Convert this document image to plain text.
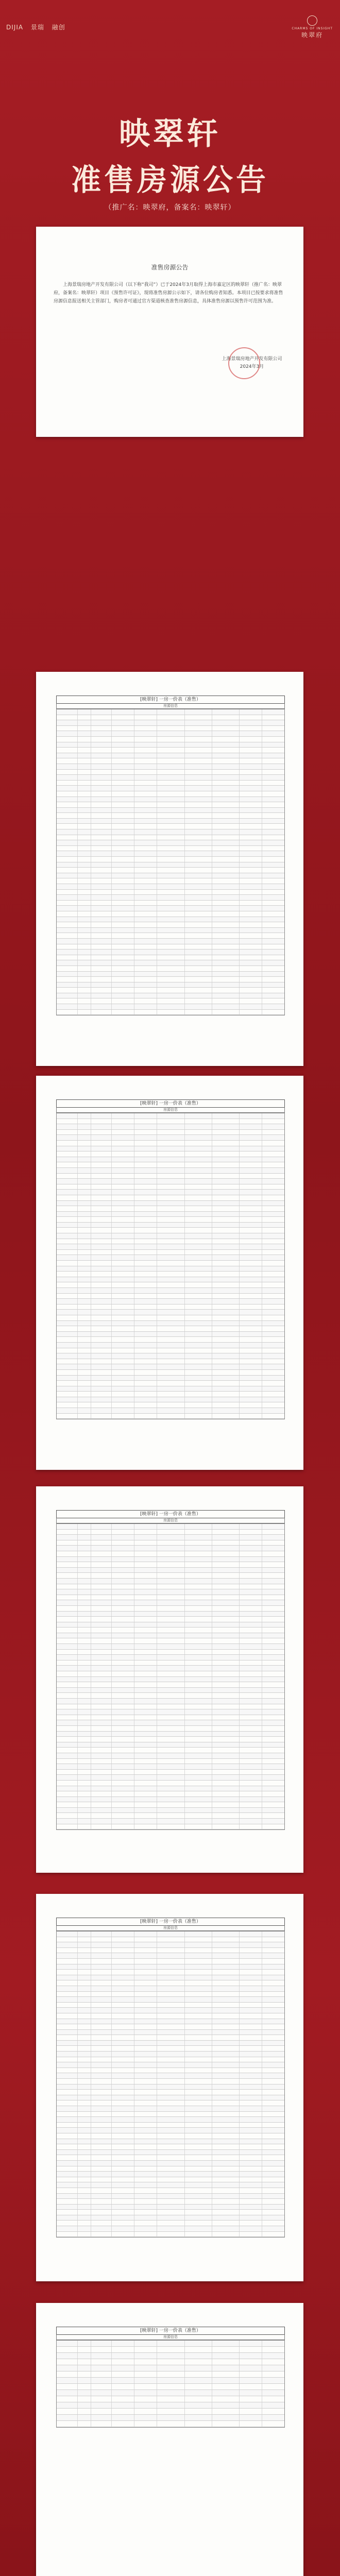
DIJIA 景瑞 融创	CHARMS OF INSIGHT
映翠府
映翠轩
准售房源公告
（推广名：映翠府，备案名：映翠轩）
准售房源公告

上海景瑞房地产开发有限公司（以下称“我司”）已于2024年3月取得上海市嘉定区的映翠轩（推广名：映翠府，备案名：映翠轩）项目《预售许可证》，现将准售房源公示如下，请各位购房者知悉。本项目已按要求将准售房源信息报送相关主管部门，购房者可通过官方渠道核查准售房源信息，具体准售房源以预售许可范围为准。

上海景瑞房地产开发有限公司
2024年3月
[映翠轩] 一房一价表（准售）
房源信息
[映翠轩] 一房一价表（准售）
房源信息
[映翠轩] 一房一价表（准售）
房源信息
[映翠轩] 一房一价表（准售）
房源信息
[映翠轩] 一房一价表（准售）
房源信息
